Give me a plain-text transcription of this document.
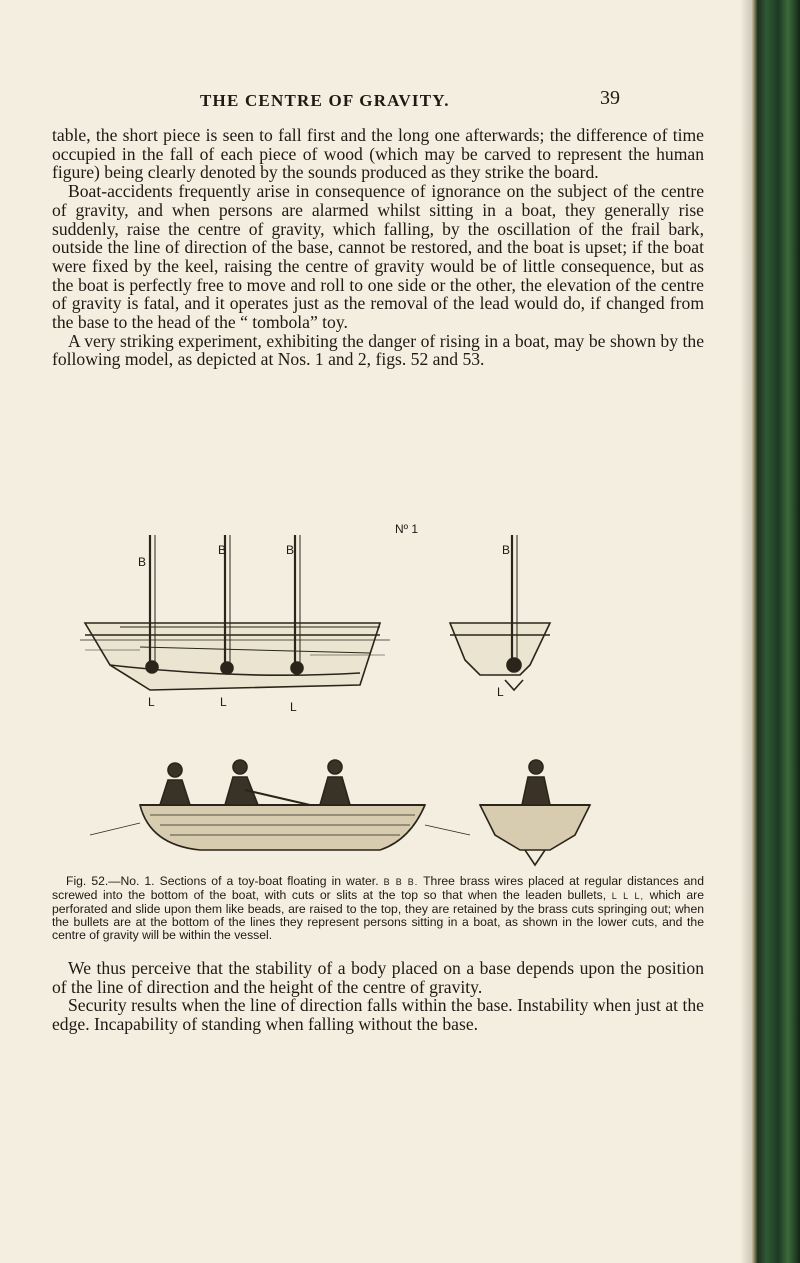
THE CENTRE OF GRAVITY.	39

table, the short piece is seen to fall first and the long one afterwards; the difference of time occupied in the fall of each piece of wood (which may be carved to represent the human figure) being clearly denoted by the sounds produced as they strike the board.

Boat-accidents frequently arise in consequence of ignorance on the subject of the centre of gravity, and when persons are alarmed whilst sitting in a boat, they generally rise suddenly, raise the centre of gravity, which falling, by the oscillation of the frail bark, outside the line of direction of the base, cannot be restored, and the boat is upset; if the boat were fixed by the keel, raising the centre of gravity would be of little consequence, but as the boat is perfectly free to move and roll to one side or the other, the elevation of the centre of gravity is fatal, and it operates just as the removal of the lead would do, if changed from the base to the head of the “ tombola” toy.

A very striking experiment, exhibiting the danger of rising in a boat, may be shown by the following model, as depicted at Nos. 1 and 2, figs. 52 and 53.

Nº 1
B
B	B	B
L	L	L
L

Fig. 52.—No. 1. Sections of a toy-boat floating in water. B B B. Three brass wires placed at regular distances and screwed into the bottom of the boat, with cuts or slits at the top so that when the leaden bullets, L L L, which are perforated and slide upon them like beads, are raised to the top, they are retained by the brass cuts springing out; when the bullets are at the bottom of the lines they represent persons sitting in a boat, as shown in the lower cuts, and the centre of gravity will be within the vessel.

We thus perceive that the stability of a body placed on a base depends upon the position of the line of direction and the height of the centre of gravity.

Security results when the line of direction falls within the base. Instability when just at the edge. Incapability of standing when falling without the base.
